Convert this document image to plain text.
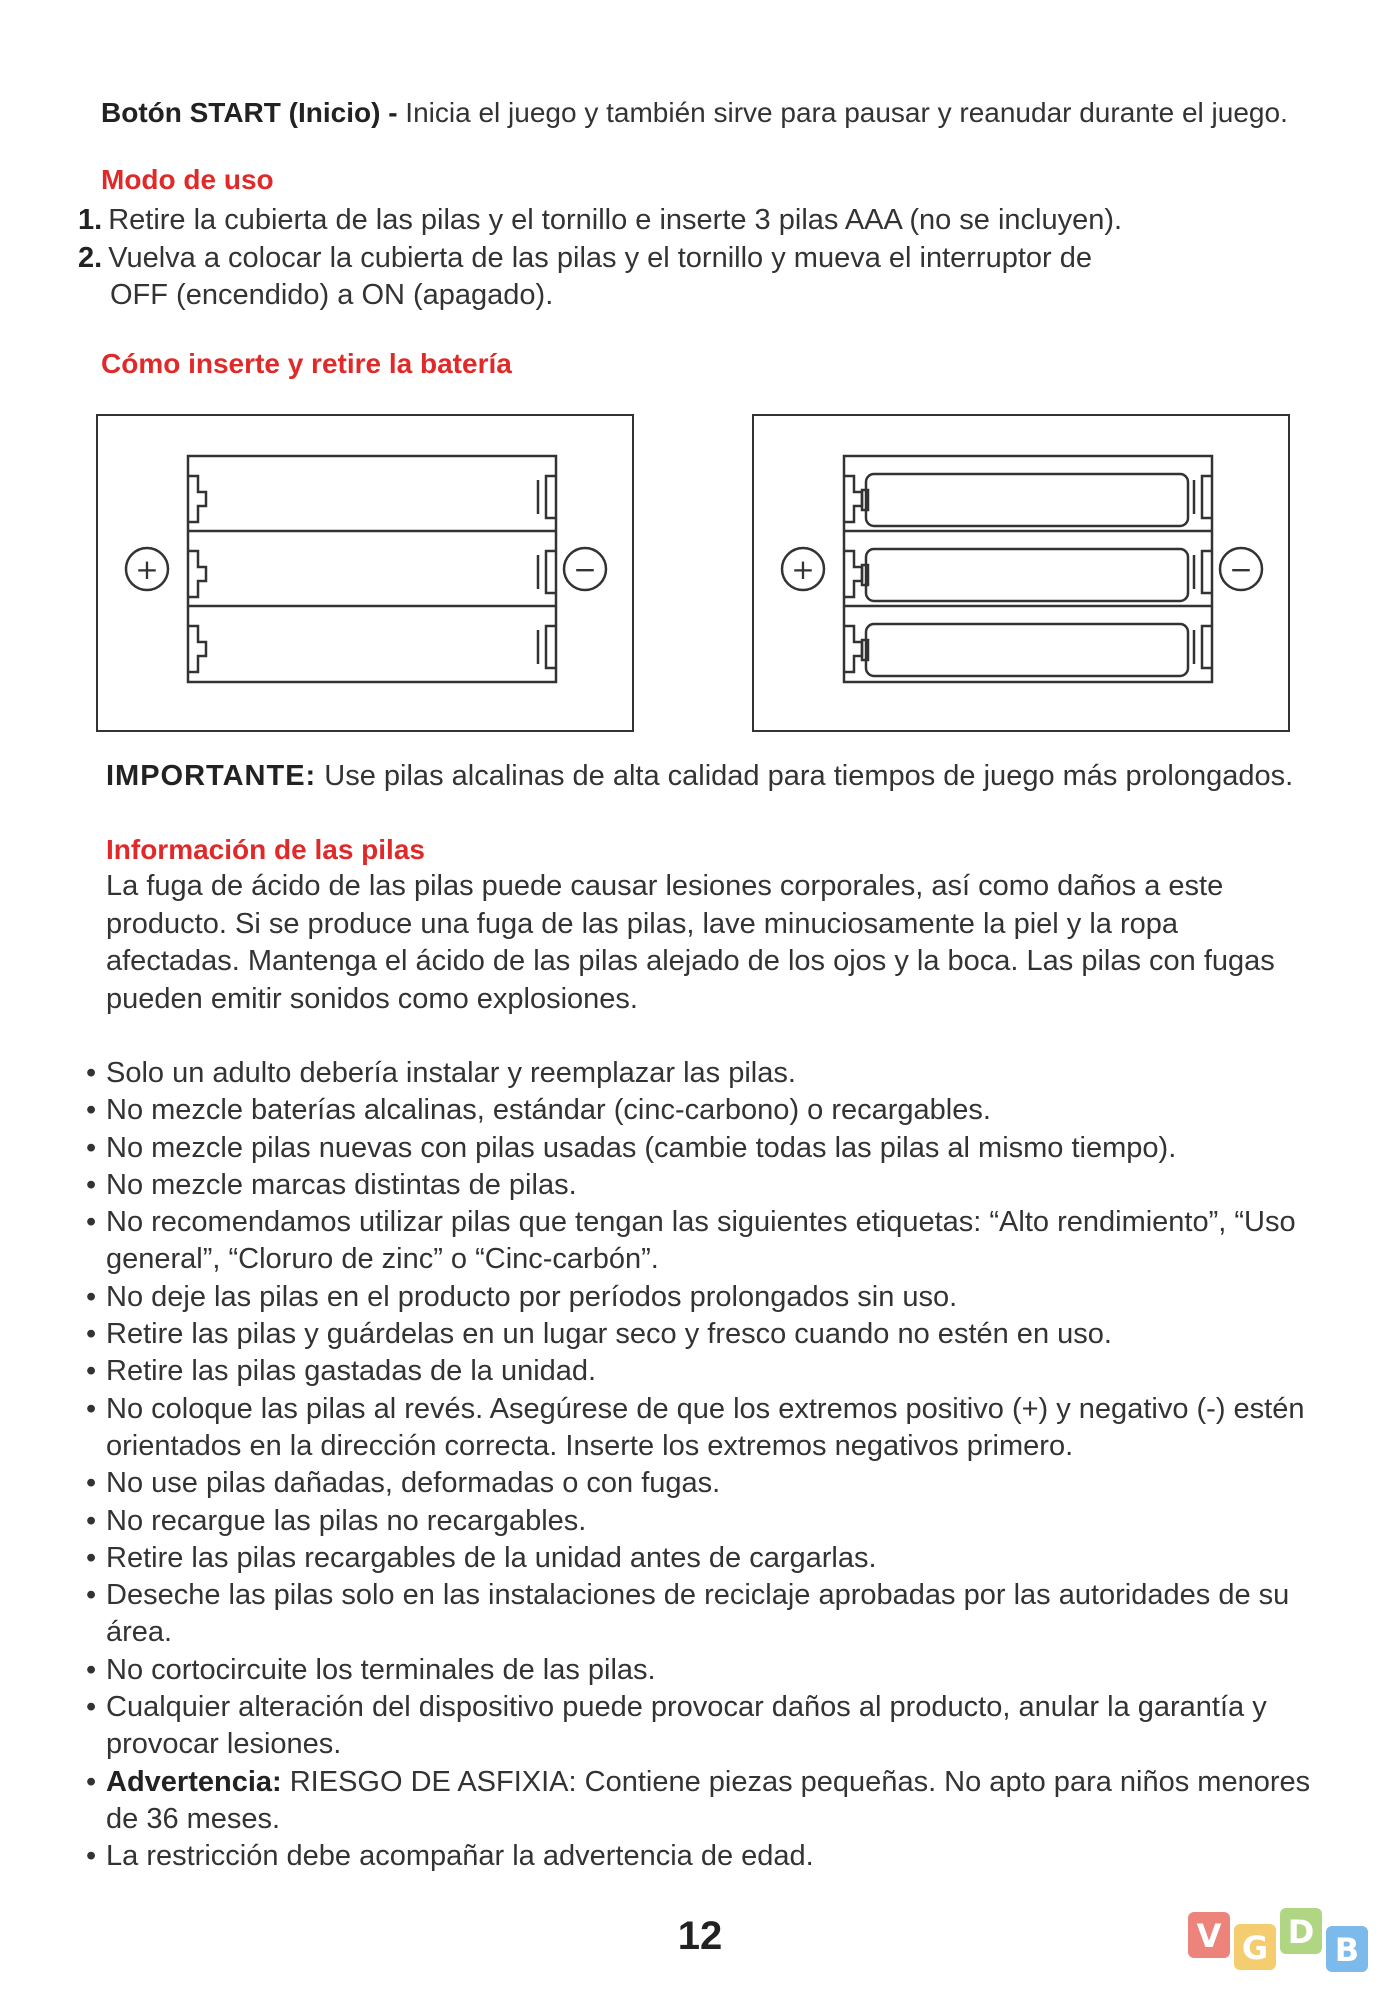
Botón START (Inicio) - Inicia el juego y también sirve para pausar y reanudar durante el juego.
Modo de uso
1. Retire la cubierta de las pilas y el tornillo e inserte 3 pilas AAA (no se incluyen).
2. Vuelva a colocar la cubierta de las pilas y el tornillo y mueva el interruptor de
OFF (encendido) a ON (apagado).
Cómo inserte y retire la batería
+	−	+	−
IMPORTANTE: Use pilas alcalinas de alta calidad para tiempos de juego más prolongados.
Información de las pilas
La fuga de ácido de las pilas puede causar lesiones corporales, así como daños a este producto. Si se produce una fuga de las pilas, lave minuciosamente la piel y la ropa afectadas. Mantenga el ácido de las pilas alejado de los ojos y la boca. Las pilas con fugas pueden emitir sonidos como explosiones.
• Solo un adulto debería instalar y reemplazar las pilas.
• No mezcle baterías alcalinas, estándar (cinc-carbono) o recargables.
• No mezcle pilas nuevas con pilas usadas (cambie todas las pilas al mismo tiempo).
• No mezcle marcas distintas de pilas.
• No recomendamos utilizar pilas que tengan las siguientes etiquetas: “Alto rendimiento”, “Uso general”, “Cloruro de zinc” o “Cinc-carbón”.
• No deje las pilas en el producto por períodos prolongados sin uso.
• Retire las pilas y guárdelas en un lugar seco y fresco cuando no estén en uso.
• Retire las pilas gastadas de la unidad.
• No coloque las pilas al revés. Asegúrese de que los extremos positivo (+) y negativo (-) estén orientados en la dirección correcta. Inserte los extremos negativos primero.
• No use pilas dañadas, deformadas o con fugas.
• No recargue las pilas no recargables.
• Retire las pilas recargables de la unidad antes de cargarlas.
• Deseche las pilas solo en las instalaciones de reciclaje aprobadas por las autoridades de su área.
• No cortocircuite los terminales de las pilas.
• Cualquier alteración del dispositivo puede provocar daños al producto, anular la garantía y provocar lesiones.
• Advertencia: RIESGO DE ASFIXIA: Contiene piezas pequeñas. No apto para niños menores de 36 meses.
• La restricción debe acompañar la advertencia de edad.
12	V G D B
